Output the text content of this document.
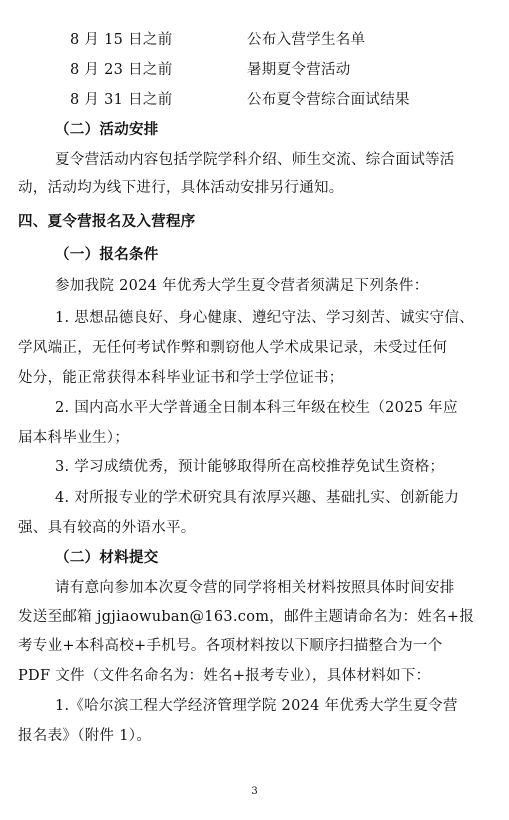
8 月 15 日之前	公布入营学生名单
8 月 23 日之前	暑期夏令营活动
8 月 31 日之前	公布夏令营综合面试结果
（二）活动安排
夏令营活动内容包括学院学科介绍、师生交流、综合面试等活
动，活动均为线下进行，具体活动安排另行通知。
四、夏令营报名及入营程序
（一）报名条件
参加我院 2024 年优秀大学生夏令营者须满足下列条件：
1. 思想品德良好、身心健康、遵纪守法、学习刻苦、诚实守信、
学风端正，无任何考试作弊和剽窃他人学术成果记录，未受过任何
处分，能正常获得本科毕业证书和学士学位证书；
2. 国内高水平大学普通全日制本科三年级在校生（2025 年应
届本科毕业生）；
3. 学习成绩优秀，预计能够取得所在高校推荐免试生资格；
4. 对所报专业的学术研究具有浓厚兴趣、基础扎实、创新能力
强、具有较高的外语水平。
（二）材料提交
请有意向参加本次夏令营的同学将相关材料按照具体时间安排
发送至邮箱 jgjiaowuban@163.com，邮件主题请命名为：姓名+报
考专业+本科高校+手机号。各项材料按以下顺序扫描整合为一个
PDF 文件（文件名命名为：姓名+报考专业），具体材料如下：
1.《哈尔滨工程大学经济管理学院 2024 年优秀大学生夏令营
报名表》（附件 1）。
3
